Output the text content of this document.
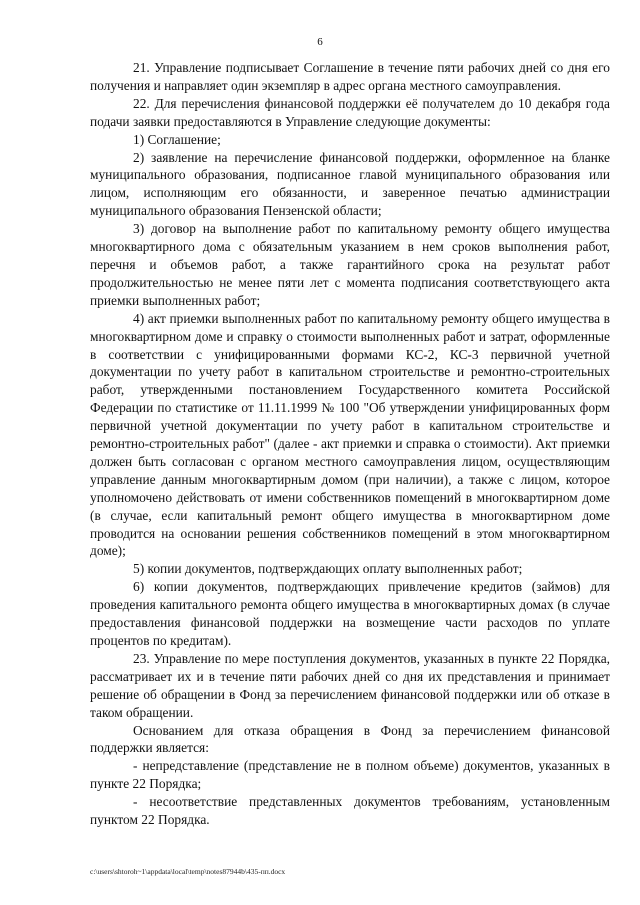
6

21. Управление подписывает Соглашение в течение пяти рабочих дней со дня его получения и направляет один экземпляр в адрес органа местного самоуправления.

22. Для перечисления финансовой поддержки её получателем до 10 декабря года подачи заявки предоставляются в Управление следующие документы:

1) Соглашение;

2) заявление на перечисление финансовой поддержки, оформленное на бланке муниципального образования, подписанное главой муниципального образования или лицом, исполняющим его обязанности, и заверенное печатью администрации муниципального образования Пензенской области;

3) договор на выполнение работ по капитальному ремонту общего имущества многоквартирного дома с обязательным указанием в нем сроков выполнения работ, перечня и объемов работ, а также гарантийного срока на результат работ продолжительностью не менее пяти лет с момента подписания соответствующего акта приемки выполненных работ;

4) акт приемки выполненных работ по капитальному ремонту общего имущества в многоквартирном доме и справку о стоимости выполненных работ и затрат, оформленные в соответствии с унифицированными формами КС-2, КС-3 первичной учетной документации по учету работ в капитальном строительстве и ремонтно-строительных работ, утвержденными постановлением Государственного комитета Российской Федерации по статистике от 11.11.1999 № 100 "Об утверждении унифицированных форм первичной учетной документации по учету работ в капитальном строительстве и ремонтно-строительных работ" (далее - акт приемки и справка о стоимости). Акт приемки должен быть согласован с органом местного самоуправления лицом, осуществляющим управление данным многоквартирным домом (при наличии), а также с лицом, которое уполномочено действовать от имени собственников помещений в многоквартирном доме (в случае, если капитальный ремонт общего имущества в многоквартирном доме проводится на основании решения собственников помещений в этом многоквартирном доме);

5) копии документов, подтверждающих оплату выполненных работ;

6) копии документов, подтверждающих привлечение кредитов (займов) для проведения капитального ремонта общего имущества в многоквартирных домах (в случае предоставления финансовой поддержки на возмещение части расходов по уплате процентов по кредитам).

23. Управление по мере поступления документов, указанных в пункте 22 Порядка, рассматривает их и в течение пяти рабочих дней со дня их представления и принимает решение об обращении в Фонд за перечислением финансовой поддержки или об отказе в таком обращении.

Основанием для отказа обращения в Фонд за перечислением финансовой поддержки является:

- непредставление (представление не в полном объеме) документов, указанных в пункте 22 Порядка;

- несоответствие представленных документов требованиям, установленным пунктом 22 Порядка.

c:\users\shtoroh~1\appdata\local\temp\notes87944b\435-пп.docx
